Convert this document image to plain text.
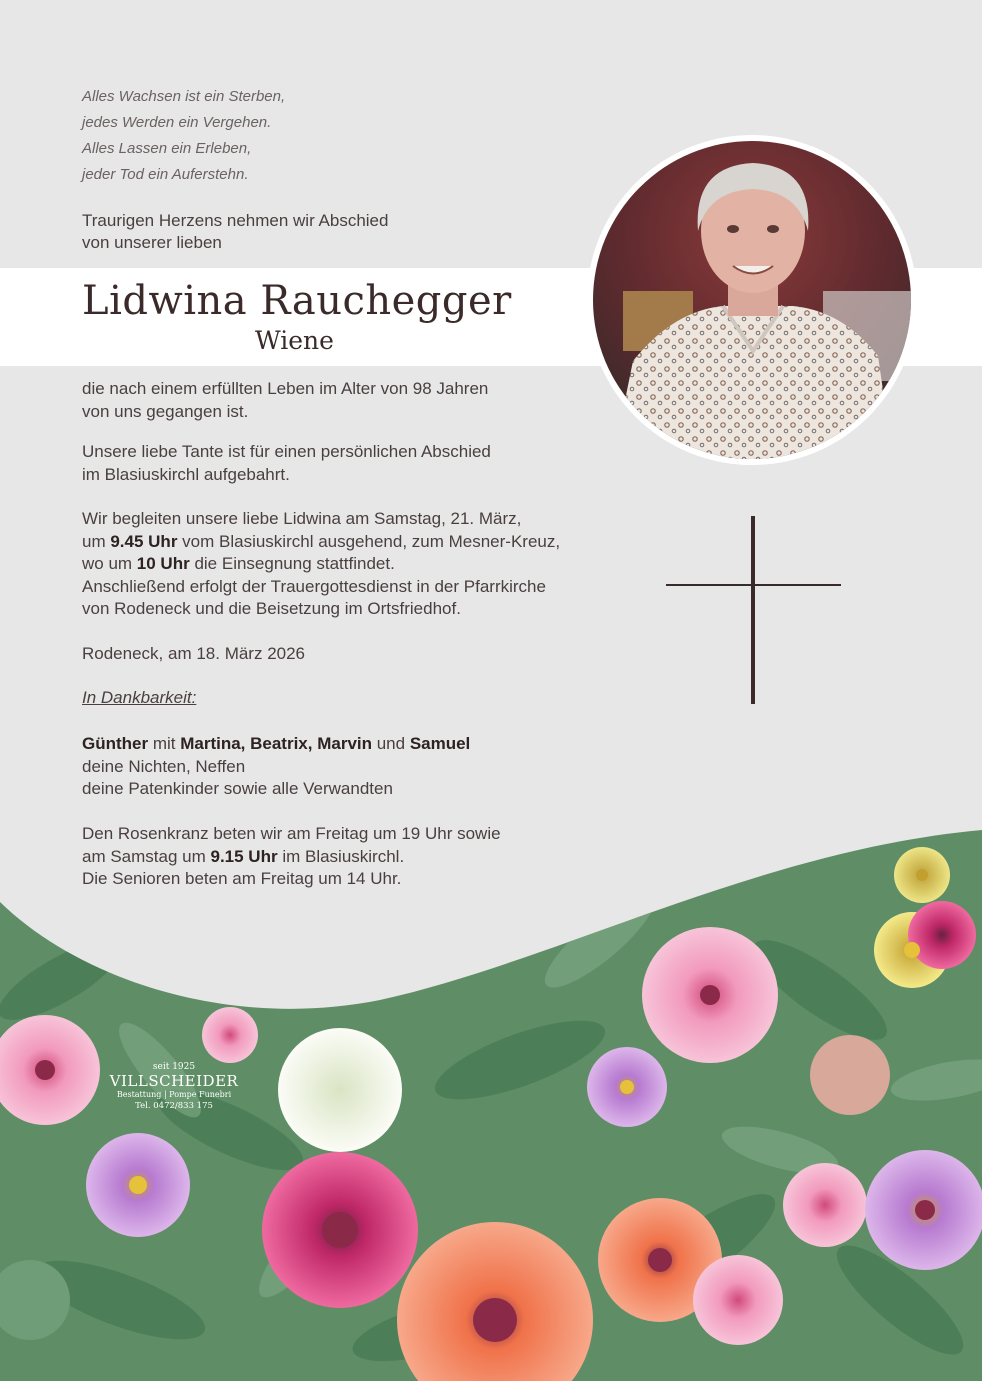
Alles Wachsen ist ein Sterben,
jedes Werden ein Vergehen.
Alles Lassen ein Erleben,
jeder Tod ein Auferstehn.
Traurigen Herzens nehmen wir Abschied
von unserer lieben
Lidwina Rauchegger
Wiene
die nach einem erfüllten Leben im Alter von 98 Jahren
von uns gegangen ist.
Unsere liebe Tante ist für einen persönlichen Abschied
im Blasiuskirchl aufgebahrt.
Wir begleiten unsere liebe Lidwina am Samstag, 21. März,
um 9.45 Uhr vom Blasiuskirchl ausgehend, zum Mesner-Kreuz,
wo um 10 Uhr die Einsegnung stattfindet.
Anschließend erfolgt der Trauergottesdienst in der Pfarrkirche
von Rodeneck und die Beisetzung im Ortsfriedhof.
Rodeneck, am 18. März 2026
In Dankbarkeit:
Günther mit Martina, Beatrix, Marvin und Samuel
deine Nichten, Neffen
deine Patenkinder sowie alle Verwandten
Den Rosenkranz beten wir am Freitag um 19 Uhr sowie
am Samstag um 9.15 Uhr im Blasiuskirchl.
Die Senioren beten am Freitag um 14 Uhr.
seit 1925
VILLSCHEIDER
Bestattung | Pompe Funebri
Tel. 0472/833 175
